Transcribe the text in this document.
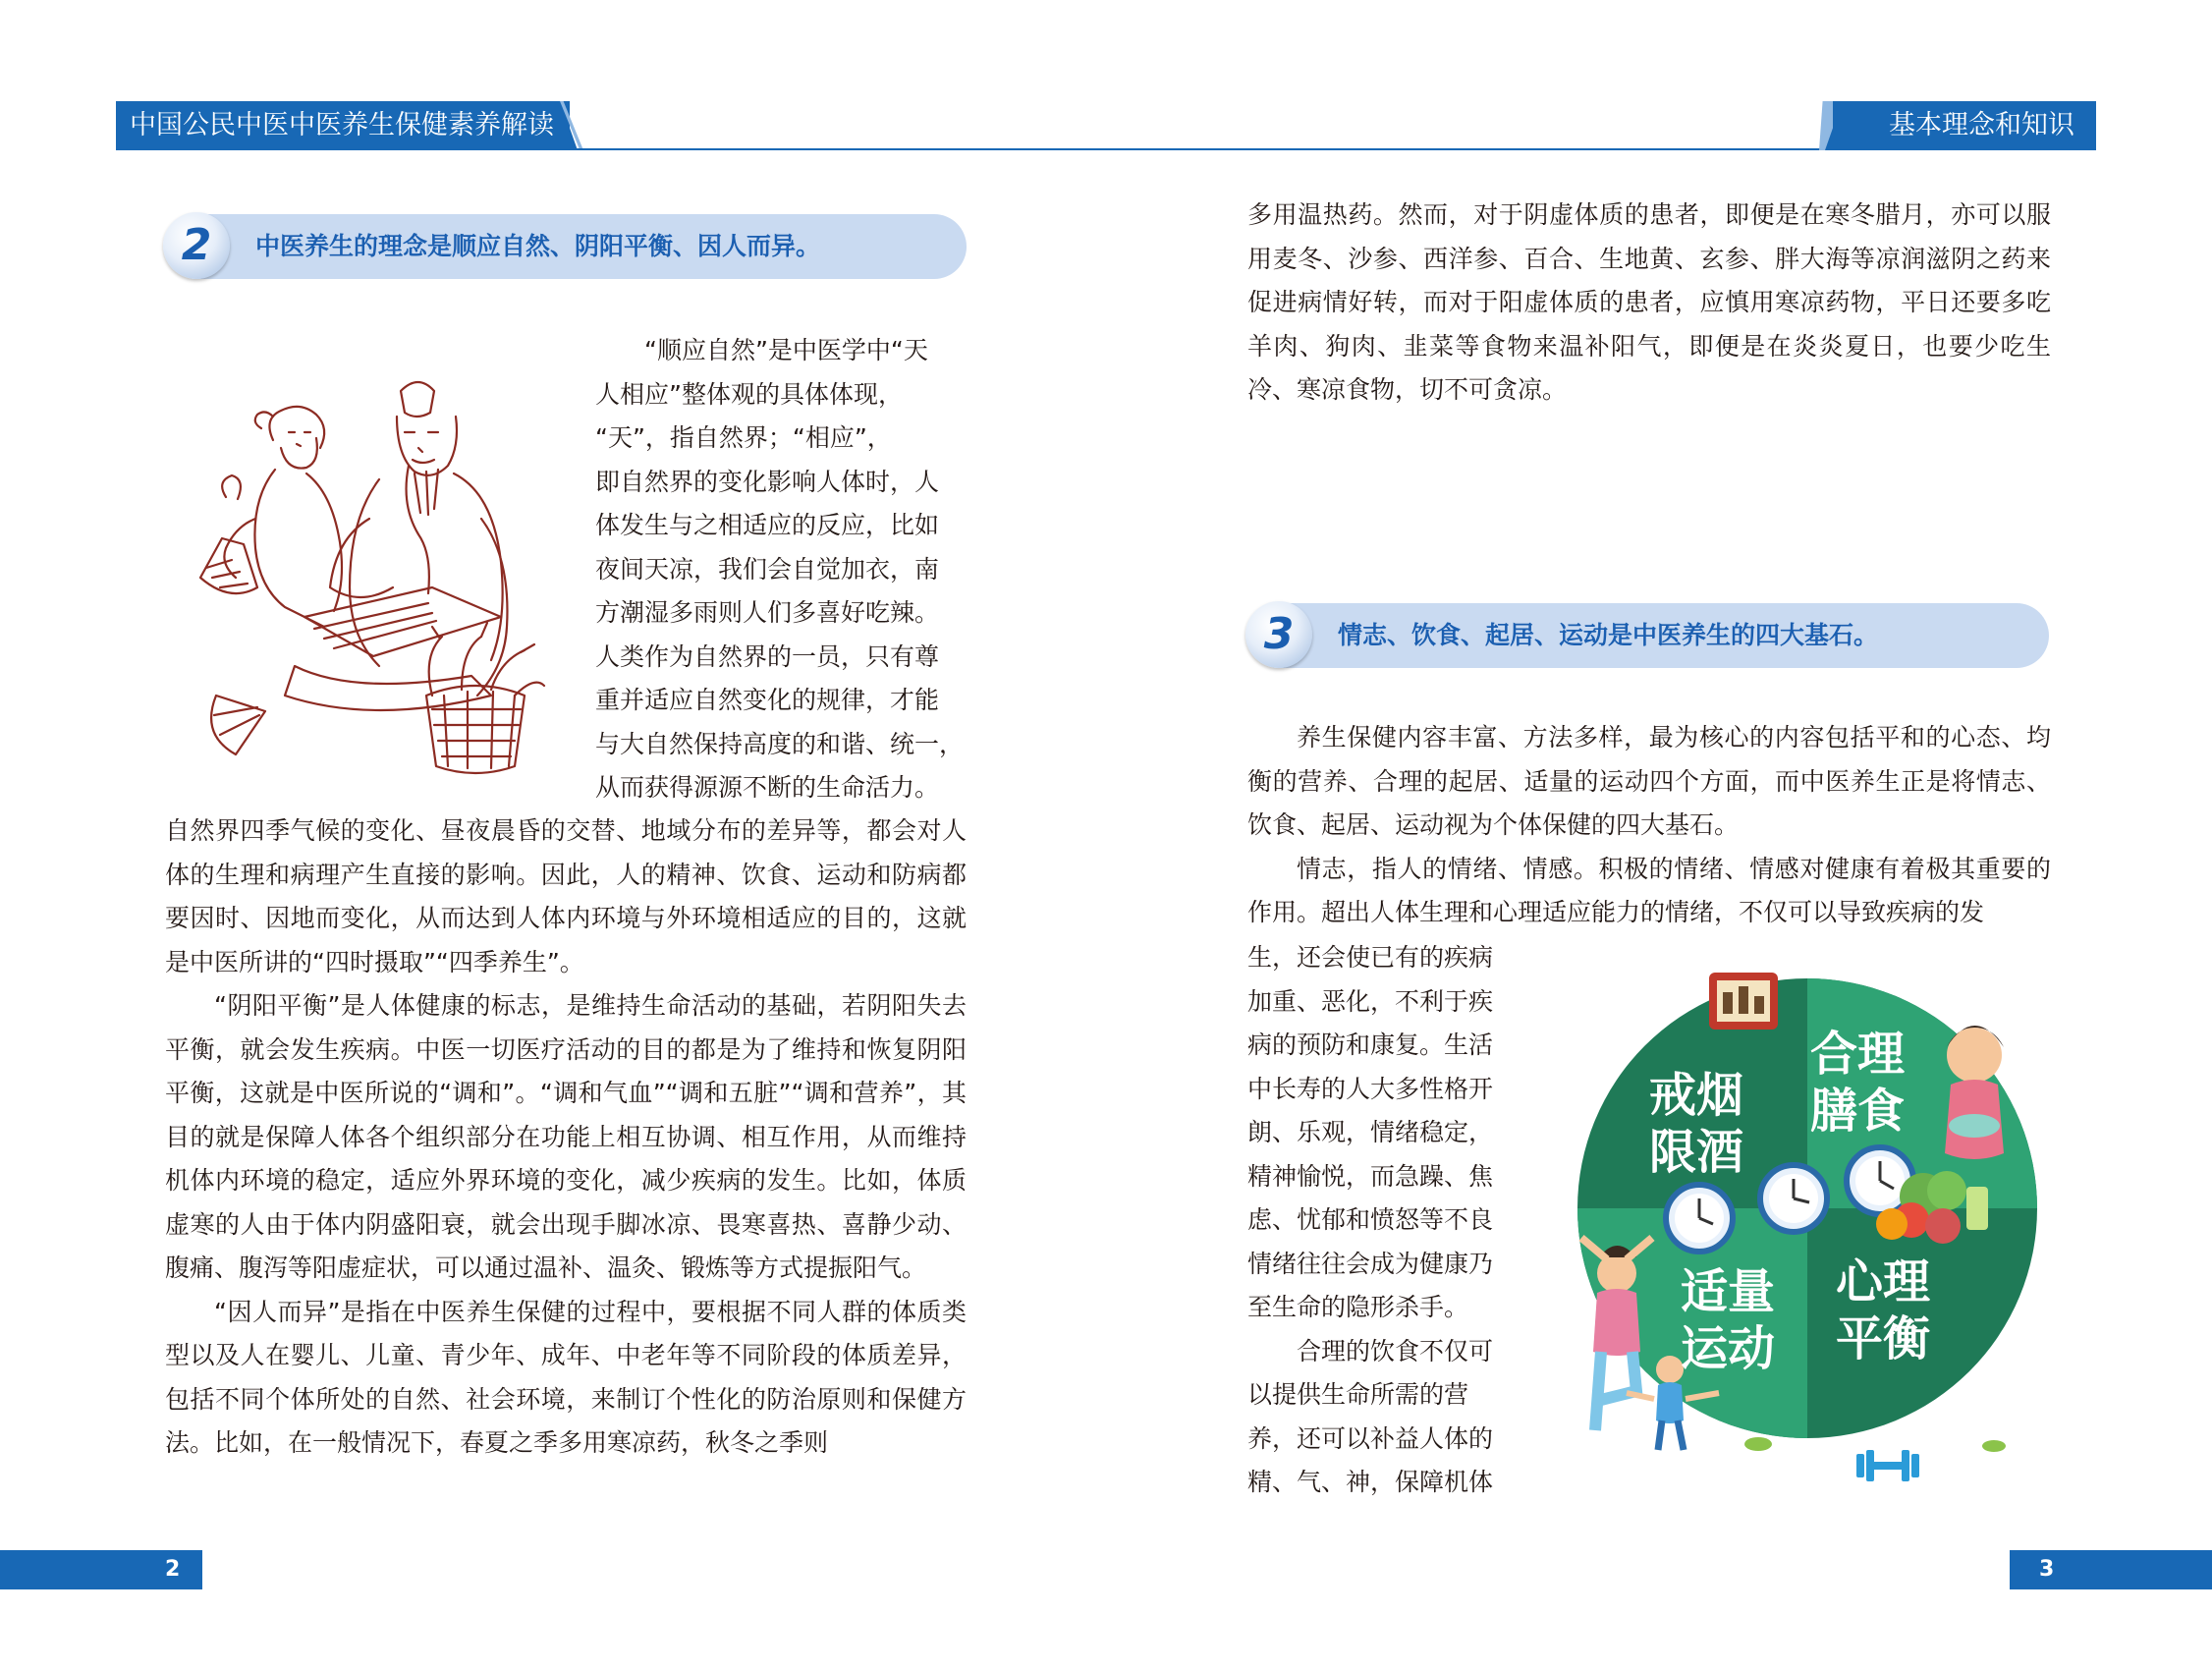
中国公民中医中医养生保健素养解读	基本理念和知识
2	中医养生的理念是顺应自然、阴阳平衡、因人而异。

“顺应自然”是中医学中“天

人相应”整体观的具体体现，

“天”，指自然界；“相应”，

即自然界的变化影响人体时，人

体发生与之相适应的反应，比如

夜间天凉，我们会自觉加衣，南

方潮湿多雨则人们多喜好吃辣。

人类作为自然界的一员，只有尊

重并适应自然变化的规律，才能

与大自然保持高度的和谐、统一，

从而获得源源不断的生命活力。

自然界四季气候的变化、昼夜晨昏的交替、地域分布的差异等，都会对人体的生理和病理产生直接的影响。因此，人的精神、饮食、运动和防病都要因时、因地而变化，从而达到人体内环境与外环境相适应的目的，这就是中医所讲的“四时摄取”“四季养生”。

“阴阳平衡”是人体健康的标志，是维持生命活动的基础，若阴阳失去平衡，就会发生疾病。中医一切医疗活动的目的都是为了维持和恢复阴阳平衡，这就是中医所说的“调和”。“调和气血”“调和五脏”“调和营养”，其目的就是保障人体各个组织部分在功能上相互协调、相互作用，从而维持机体内环境的稳定，适应外界环境的变化，减少疾病的发生。比如，体质虚寒的人由于体内阴盛阳衰，就会出现手脚冰凉、畏寒喜热、喜静少动、腹痛、腹泻等阳虚症状，可以通过温补、温灸、锻炼等方式提振阳气。

“因人而异”是指在中医养生保健的过程中，要根据不同人群的体质类型以及人在婴儿、儿童、青少年、成年、中老年等不同阶段的体质差异，包括不同个体所处的自然、社会环境，来制订个性化的防治原则和保健方法。比如，在一般情况下，春夏之季多用寒凉药，秋冬之季则

多用温热药。然而，对于阴虚体质的患者，即便是在寒冬腊月，亦可以服用麦冬、沙参、西洋参、百合、生地黄、玄参、胖大海等凉润滋阴之药来促进病情好转，而对于阳虚体质的患者，应慎用寒凉药物，平日还要多吃羊肉、狗肉、韭菜等食物来温补阳气，即便是在炎炎夏日，也要少吃生冷、寒凉食物，切不可贪凉。

3	情志、饮食、起居、运动是中医养生的四大基石。

养生保健内容丰富、方法多样，最为核心的内容包括平和的心态、均衡的营养、合理的起居、适量的运动四个方面，而中医养生正是将情志、饮食、起居、运动视为个体保健的四大基石。

情志，指人的情绪、情感。积极的情绪、情感对健康有着极其重要的作用。超出人体生理和心理适应能力的情绪，不仅可以导致疾病的发

生，还会使已有的疾病

加重、恶化，不利于疾

病的预防和康复。生活

中长寿的人大多性格开

朗、乐观，情绪稳定，

精神愉悦，而急躁、焦

虑、忧郁和愤怒等不良

情绪往往会成为健康乃

至生命的隐形杀手。

　　合理的饮食不仅可

以提供生命所需的营

养，还可以补益人体的

精、气、神，保障机体

戒烟
限酒
合理
膳食
适量
运动
心理
平衡
2	3
